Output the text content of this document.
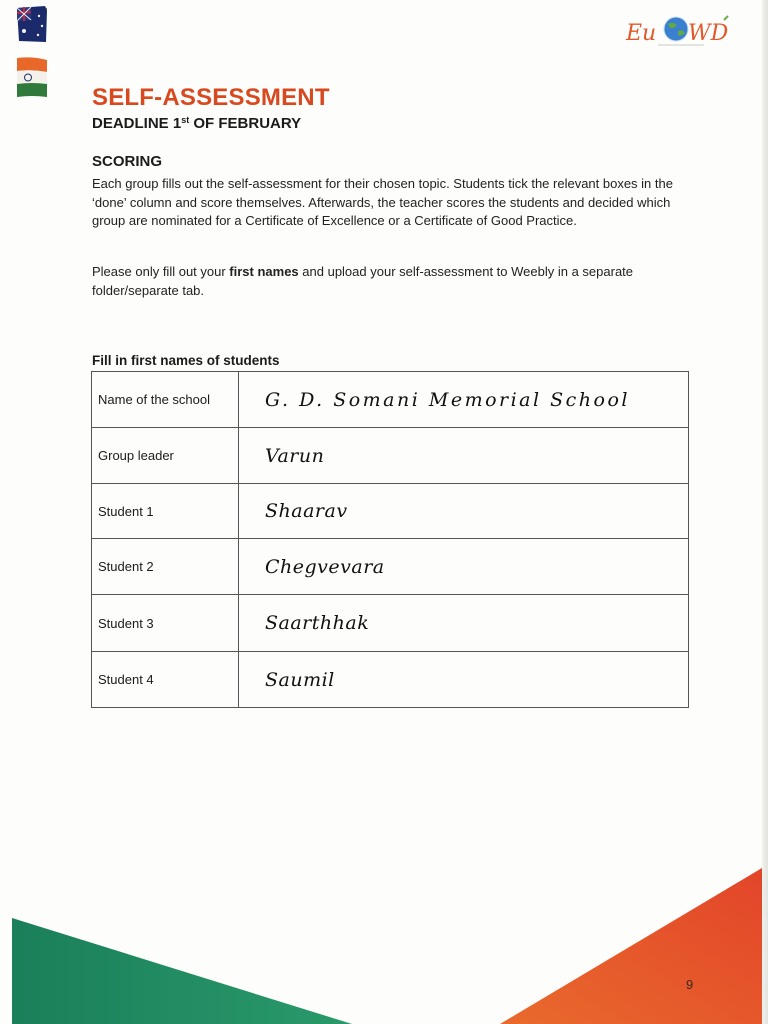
Eu WD
SELF-ASSESSMENT

DEADLINE 1st OF FEBRUARY

SCORING

Each group fills out the self-assessment for their chosen topic. Students tick the relevant boxes in the ‘done’ column and score themselves. Afterwards, the teacher scores the students and decided which group are nominated for a Certificate of Excellence or a Certificate of Good Practice.

Please only fill out your first names and upload your self-assessment to Weebly in a separate folder/separate tab.

Fill in first names of students

Name of the school	G. D. Somani Memorial School
Group leader	Varun
Student 1	Shaarav
Student 2	Chegvevara
Student 3	Saarthhak
Student 4	Saumil

9
